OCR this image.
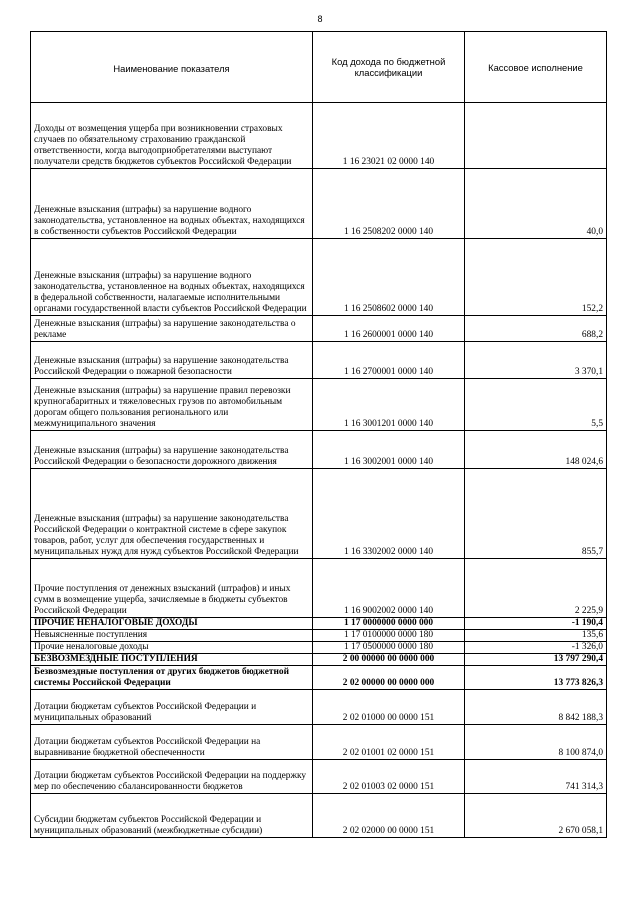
8
Наименование показателя	Код дохода по бюджетной классификации	Кассовое исполнение
Доходы от возмещения ущерба при возникновении страховых случаев по обязательному страхованию гражданской ответственности, когда выгодоприобретателями выступают получатели средств бюджетов субъектов Российской Федерации	1 16 23021 02 0000 140	
Денежные взыскания (штрафы) за нарушение водного законодательства, установленное на водных объектах, находящихся в собственности субъектов Российской Федерации	1 16 2508202 0000 140	40,0
Денежные взыскания (штрафы) за нарушение водного законодательства, установленное на водных объектах, находящихся в федеральной собственности, налагаемые исполнительными органами государственной власти субъектов Российской Федерации	1 16 2508602 0000 140	152,2
Денежные взыскания (штрафы) за нарушение законодательства о рекламе	1 16 2600001 0000 140	688,2
Денежные взыскания (штрафы) за нарушение законодательства Российской Федерации о пожарной безопасности	1 16 2700001 0000 140	3 370,1
Денежные взыскания (штрафы) за нарушение правил перевозки крупногабаритных и тяжеловесных грузов по автомобильным дорогам общего пользования регионального или межмуниципального значения	1 16 3001201 0000 140	5,5
Денежные взыскания (штрафы) за нарушение законодательства Российской Федерации о безопасности дорожного движения	1 16 3002001 0000 140	148 024,6
Денежные взыскания (штрафы) за нарушение законодательства Российской Федерации о контрактной системе в сфере закупок товаров, работ, услуг для обеспечения государственных и муниципальных нужд для нужд субъектов Российской Федерации	1 16 3302002 0000 140	855,7
Прочие поступления от денежных взысканий (штрафов) и иных сумм в возмещение ущерба, зачисляемые в бюджеты субъектов Российской Федерации	1 16 9002002 0000 140	2 225,9
ПРОЧИЕ НЕНАЛОГОВЫЕ ДОХОДЫ	1 17 0000000 0000 000	-1 190,4
Невыясненные поступления	1 17 0100000 0000 180	135,6
Прочие неналоговые доходы	1 17 0500000 0000 180	-1 326,0
БЕЗВОЗМЕЗДНЫЕ ПОСТУПЛЕНИЯ	2 00 00000 00 0000 000	13 797 290,4
Безвозмездные поступления от других бюджетов бюджетной системы Российской Федерации	2 02 00000 00 0000 000	13 773 826,3
Дотации бюджетам субъектов Российской Федерации и муниципальных образований	2 02 01000 00 0000 151	8 842 188,3
Дотации бюджетам субъектов Российской Федерации на выравнивание бюджетной обеспеченности	2 02 01001 02 0000 151	8 100 874,0
Дотации бюджетам субъектов Российской Федерации на поддержку мер по обеспечению сбалансированности бюджетов	2 02 01003 02 0000 151	741 314,3
Субсидии бюджетам субъектов Российской Федерации и муниципальных образований (межбюджетные субсидии)	2 02 02000 00 0000 151	2 670 058,1
